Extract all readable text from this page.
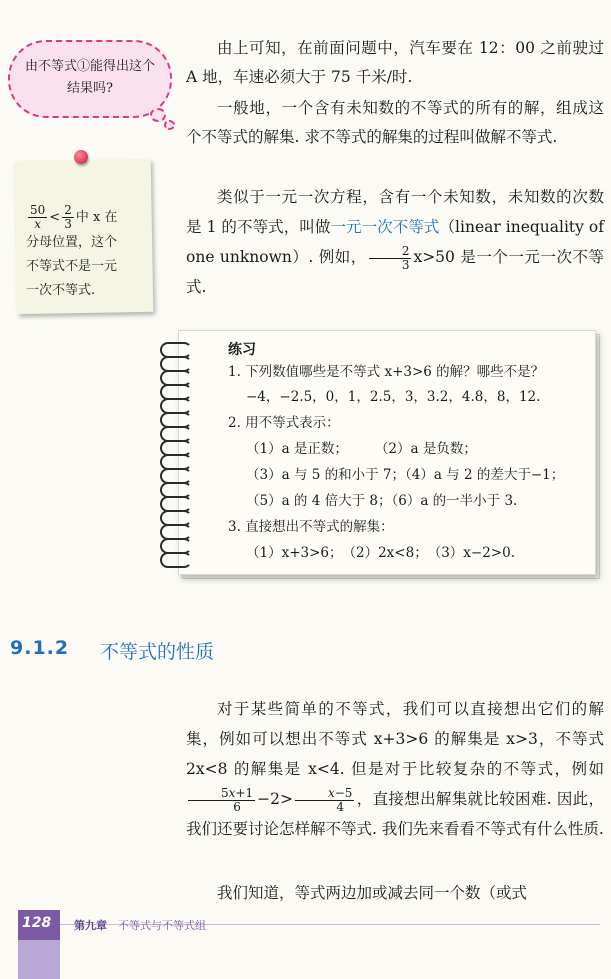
由不等式①能得出这个结果吗?
$\frac{50}{x} < \frac{2}{3}$ 中 x 在
分母位置，这个
不等式不是一元
一次不等式.
由上可知，在前面问题中，汽车要在 12：00 之前驶过 A 地，车速必须大于 75 千米/时.
一般地，一个含有未知数的不等式的所有的解，组成这个不等式的解集. 求不等式的解集的过程叫做解不等式.
类似于一元一次方程，含有一个未知数，未知数的次数是 1 的不等式，叫做一元一次不等式（linear inequality of one unknown）. 例如， $\frac{2}{3} x>50$ 是一个一元一次不等式.
练习
1. 下列数值哪些是不等式 x+3>6 的解？哪些不是？
−4，−2.5，0，1，2.5，3，3.2，4.8，8，12.
2. 用不等式表示：
（1）a 是正数；　　　（2）a 是负数；
（3）a 与 5 的和小于 7；（4）a 与 2 的差大于−1；
（5）a 的 4 倍大于 8；（6）a 的一半小于 3.
3. 直接想出不等式的解集：
（1）x+3>6；　（2）2x<8；　（3）x−2>0.
9.1.2 不等式的性质
对于某些简单的不等式，我们可以直接想出它们的解集，例如可以想出不等式 x+3>6 的解集是 x>3，不等式 2x<8 的解集是 x<4. 但是对于比较复杂的不等式，例如
$\frac{5x+1}{6} -2> \frac{x-5}{4}$ ，直接想出解集就比较困难. 因此，我们还要讨论怎样解不等式. 我们先来看看不等式有什么性质.
我们知道，等式两边加或减去同一个数（或式
128 第九章 不等式与不等式组
